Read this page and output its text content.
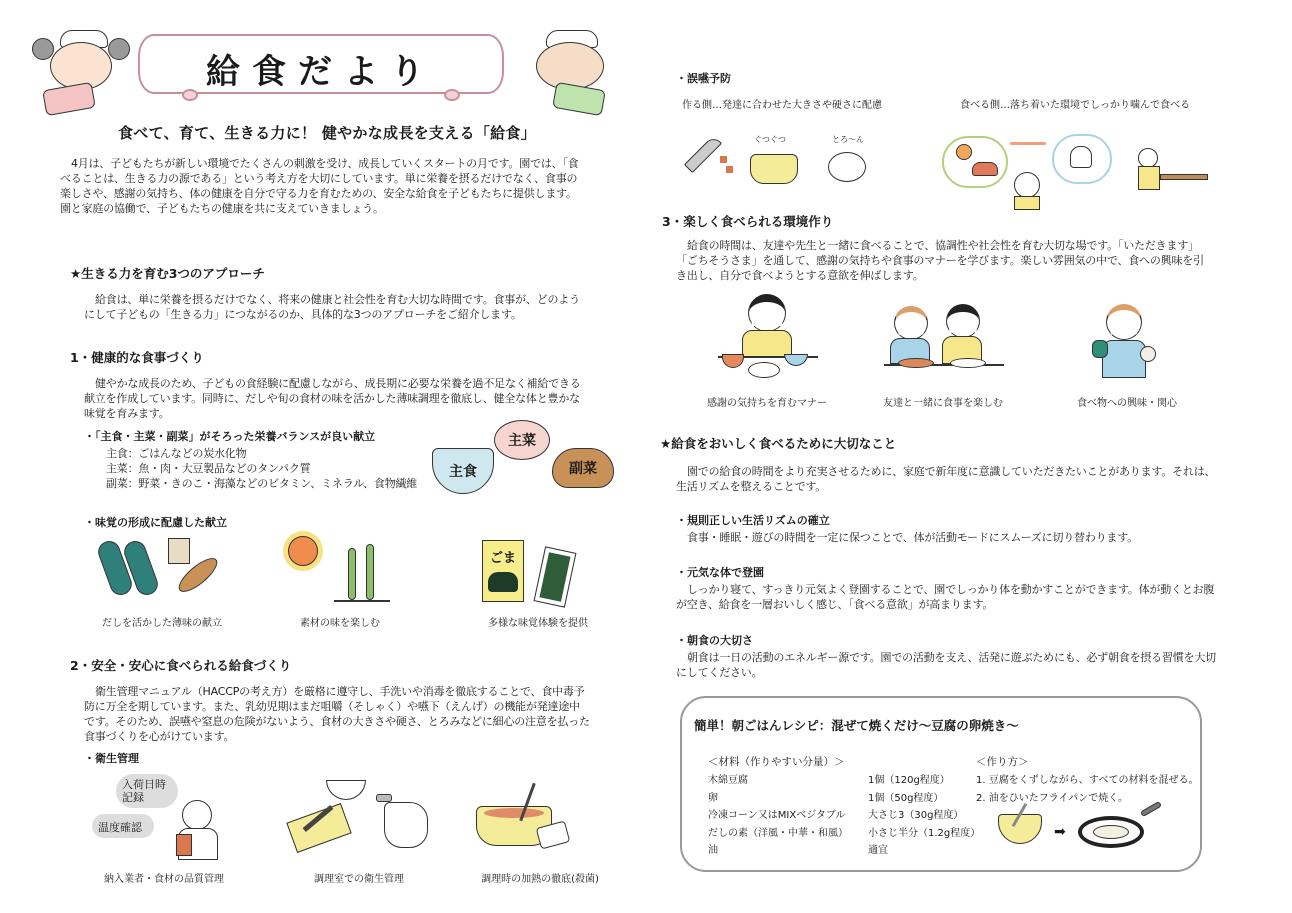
給食だより
食べて、育て、生きる力に！ 健やかな成長を支える「給食」
4月は、子どもたちが新しい環境でたくさんの刺激を受け、成長していくスタートの月です。園では、「食べることは、生きる力の源である」という考え方を大切にしています。単に栄養を摂るだけでなく、食事の楽しさや、感謝の気持ち、体の健康を自分で守る力を育むための、安全な給食を子どもたちに提供します。園と家庭の協働で、子どもたちの健康を共に支えていきましょう。
★生きる力を育む3つのアプローチ
給食は、単に栄養を摂るだけでなく、将来の健康と社会性を育む大切な時間です。食事が、どのようにして子どもの「生きる力」につながるのか、具体的な3つのアプローチをご紹介します。
1・健康的な食事づくり
健やかな成長のため、子どもの食経験に配慮しながら、成長期に必要な栄養を過不足なく補給できる献立を作成しています。同時に、だしや旬の食材の味を活かした薄味調理を徹底し、健全な体と豊かな味覚を育みます。
・「主食・主菜・副菜」がそろった栄養バランスが良い献立
主食：ごはんなどの炭水化物
主菜：魚・肉・大豆製品などのタンパク質
副菜：野菜・きのこ・海藻などのビタミン、ミネラル、食物繊維
主食
主菜
副菜
・味覚の形成に配慮した献立
だしを活かした薄味の献立	素材の味を楽しむ
ごま
多様な味覚体験を提供
2・安全・安心に食べられる給食づくり
衛生管理マニュアル（HACCPの考え方）を厳格に遵守し、手洗いや消毒を徹底することで、食中毒予防に万全を期しています。また、乳幼児期はまだ咀嚼（そしゃく）や嚥下（えんげ）の機能が発達途中です。そのため、誤嚥や窒息の危険がないよう、食材の大きさや硬さ、とろみなどに細心の注意を払った食事づくりを心がけています。
・衛生管理
入荷日時記録
温度確認
納入業者・食材の品質管理	調理室での衛生管理	調理時の加熱の徹底(殺菌)
・誤嚥予防
作る側…発達に合わせた大きさや硬さに配慮	食べる側…落ち着いた環境でしっかり噛んで食べる
ぐつぐつ	とろ〜ん
3・楽しく食べられる環境作り
給食の時間は、友達や先生と一緒に食べることで、協調性や社会性を育む大切な場です。「いただきます」「ごちそうさま」を通して、感謝の気持ちや食事のマナーを学びます。楽しい雰囲気の中で、食への興味を引き出し、自分で食べようとする意欲を伸ばします。
感謝の気持ちを育むマナー	友達と一緒に食事を楽しむ	食べ物への興味・関心
★給食をおいしく食べるために大切なこと
園での給食の時間をより充実させるために、家庭で新年度に意識していただきたいことがあります。それは、生活リズムを整えることです。
・規則正しい生活リズムの確立
食事・睡眠・遊びの時間を一定に保つことで、体が活動モードにスムーズに切り替わります。
・元気な体で登園
しっかり寝て、すっきり元気よく登園することで、園でしっかり体を動かすことができます。体が動くとお腹が空き、給食を一層おいしく感じ、「食べる意欲」が高まります。
・朝食の大切さ
朝食は一日の活動のエネルギー源です。園での活動を支え、活発に遊ぶためにも、必ず朝食を摂る習慣を大切にしてください。
簡単！朝ごはんレシピ：混ぜて焼くだけ〜豆腐の卵焼き〜
＜材料（作りやすい分量）＞
木綿豆腐	1個（120g程度）
卵	1個（50g程度）
冷凍コーン又はMIXベジタブル	大さじ3（30g程度）
だしの素（洋風・中華・和風）	小さじ半分（1.2g程度）
油	適宜
＜作り方＞
1. 豆腐をくずしながら、すべての材料を混ぜる。
2. 油をひいたフライパンで焼く。
➡
